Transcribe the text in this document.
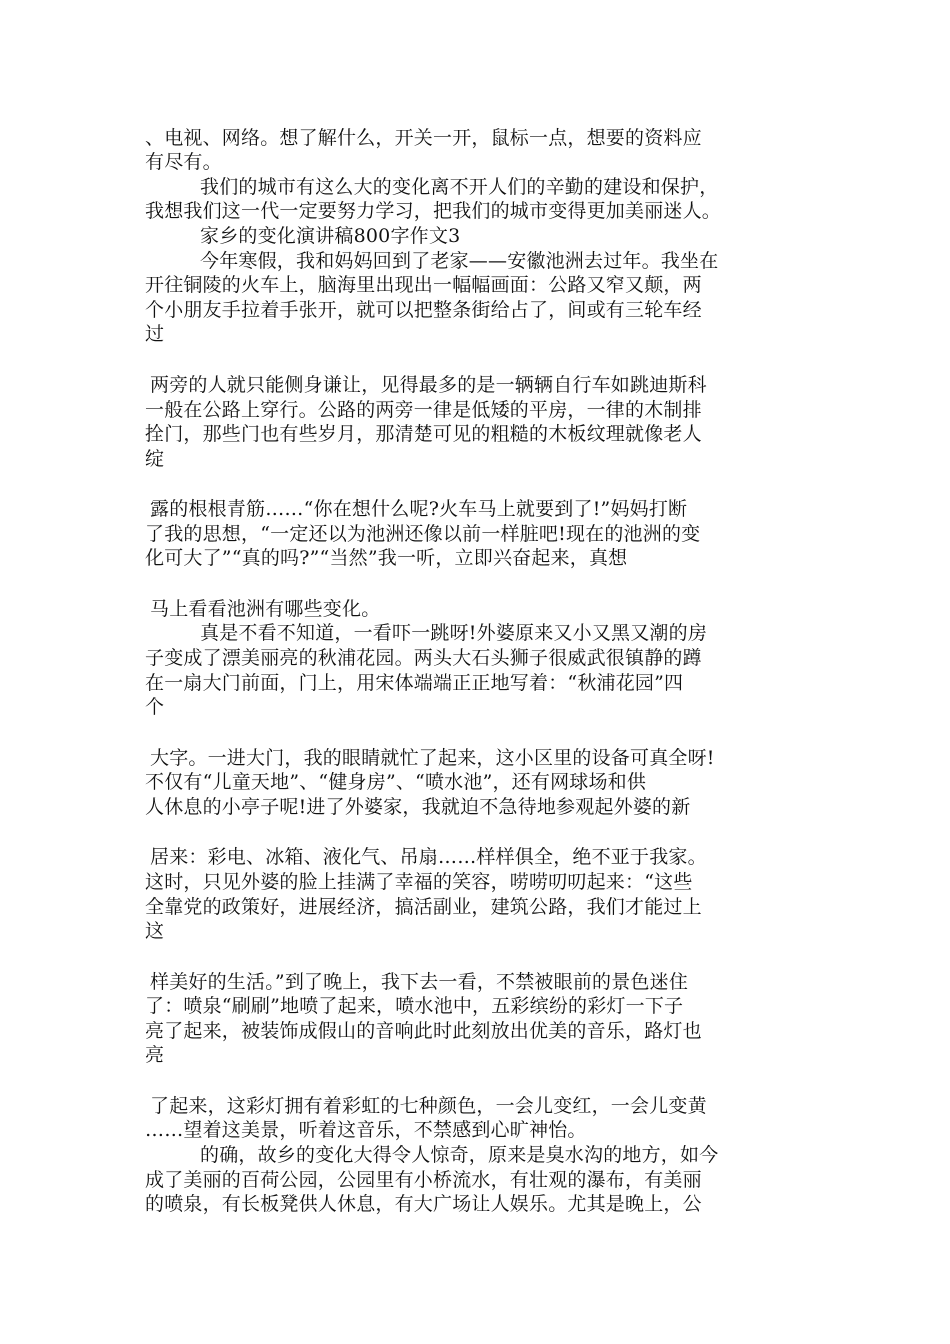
、电视、网络。想了解什么，开关一开，鼠标一点，想要的资料应
有尽有。
我们的城市有这么大的变化离不开人们的辛勤的建设和保护，
我想我们这一代一定要努力学习，把我们的城市变得更加美丽迷人。
家乡的变化演讲稿800字作文3
今年寒假，我和妈妈回到了老家——安徽池洲去过年。我坐在
开往铜陵的火车上，脑海里出现出一幅幅画面：公路又窄又颠，两
个小朋友手拉着手张开，就可以把整条街给占了，间或有三轮车经
过
两旁的人就只能侧身谦让，见得最多的是一辆辆自行车如跳迪斯科
一般在公路上穿行。公路的两旁一律是低矮的平房，一律的木制排
拴门，那些门也有些岁月，那清楚可见的粗糙的木板纹理就像老人
绽
露的根根青筋……“你在想什么呢?火车马上就要到了!”妈妈打断
了我的思想，“一定还以为池洲还像以前一样脏吧!现在的池洲的变
化可大了”“真的吗?”“当然”我一听，立即兴奋起来，真想
马上看看池洲有哪些变化。
真是不看不知道，一看吓一跳呀!外婆原来又小又黑又潮的房
子变成了漂美丽亮的秋浦花园。两头大石头狮子很威武很镇静的蹲
在一扇大门前面，门上，用宋体端端正正地写着：“秋浦花园”四
个
大字。一进大门，我的眼睛就忙了起来，这小区里的设备可真全呀!
不仅有“儿童天地”、“健身房”、“喷水池”，还有网球场和供
人休息的小亭子呢!进了外婆家，我就迫不急待地参观起外婆的新
居来：彩电、冰箱、液化气、吊扇……样样俱全，绝不亚于我家。
这时，只见外婆的脸上挂满了幸福的笑容，唠唠叨叨起来：“这些
全靠党的政策好，进展经济，搞活副业，建筑公路，我们才能过上
这
样美好的生活。”到了晚上，我下去一看，不禁被眼前的景色迷住
了：喷泉“刷刷”地喷了起来，喷水池中，五彩缤纷的彩灯一下子
亮了起来，被装饰成假山的音响此时此刻放出优美的音乐，路灯也
亮
了起来，这彩灯拥有着彩虹的七种颜色，一会儿变红，一会儿变黄
……望着这美景，听着这音乐，不禁感到心旷神怡。
的确，故乡的变化大得令人惊奇，原来是臭水沟的地方，如今
成了美丽的百荷公园，公园里有小桥流水，有壮观的瀑布，有美丽
的喷泉，有长板凳供人休息，有大广场让人娱乐。尤其是晚上，公
